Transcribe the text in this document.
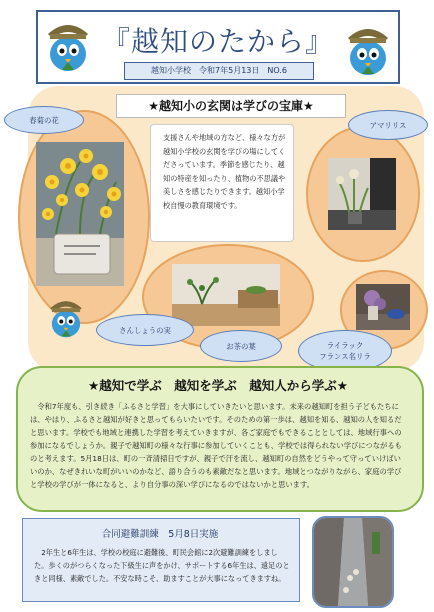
『越知のたから』
越知小学校　令和7年5月13日　NO.6
春菊の花
★越知小の玄関は学びの宝庫★
支援さんや地域の方など、様々な方が越知小学校の玄関を学びの場にしてくださっています。季節を感じたり、越知の特産を知ったり、植物の不思議や美しさを感じたりできます。越知小学校自慢の教育環境です。
アマリリス
さんしょうの実
お茶の葉	ライラック
フランス名リラ
★越知で学ぶ　越知を学ぶ　越知人から学ぶ★
令和7年度も、引き続き「ふるさと学習」を大事にしていきたいと思います。未来の越知町を担う子どもたちには、やはり、ふるさと越知が好きと思ってもらいたいです。そのための第一歩は、越知を知る、越知の人を知るだと思います。学校でも地域と連携した学習を考えていきますが、各ご家庭でもできることとしては、地域行事への参加になるでしょうか。親子で越知町の様々な行事に参加していくことも、学校では得られない学びにつながるものと考えます。5月18日は、町の一斉清掃日ですが、親子で汗を流し、越知町の自然をどうやって守っていけばいいのか、なぜきれいな町がいいのかなど、語り合うのも素敵だなと思います。地域とつながりながら、家庭の学びと学校の学びが一体になると、より自分事の深い学びになるのではないかと思います。
合同避難訓練　5月8日実施
2年生と6年生は、学校の校庭に避難後、町民会館に2次避難訓練をしました。歩くのがつらくなった下級生に声をかけ、サポートする6年生は、遠足のときと同様、素敵でした。不安な時こそ、助ますことが大事になってきますね。
